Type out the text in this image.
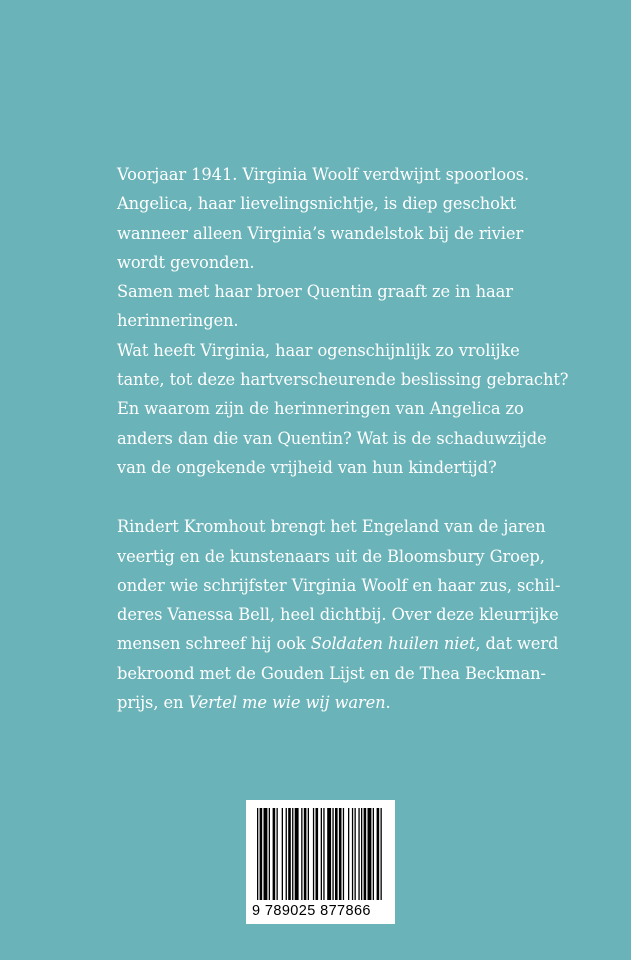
Voorjaar 1941. Virginia Woolf verdwijnt spoorloos.
Angelica, haar lievelingsnichtje, is diep geschokt
wanneer alleen Virginia’s wandelstok bij de rivier
wordt gevonden.
Samen met haar broer Quentin graaft ze in haar
herinneringen.
Wat heeft Virginia, haar ogenschijnlijk zo vrolijke
tante, tot deze hartverscheurende beslissing gebracht?
En waarom zijn de herinneringen van Angelica zo
anders dan die van Quentin? Wat is de schaduwzijde
van de ongekende vrijheid van hun kindertijd?

Rindert Kromhout brengt het Engeland van de jaren
veertig en de kunstenaars uit de Bloomsbury Groep,
onder wie schrijfster Virginia Woolf en haar zus, schil-
deres Vanessa Bell, heel dichtbij. Over deze kleurrijke
mensen schreef hij ook Soldaten huilen niet, dat werd
bekroond met de Gouden Lijst en de Thea Beckman-
prijs, en Vertel me wie wij waren.

9 789025 877866
